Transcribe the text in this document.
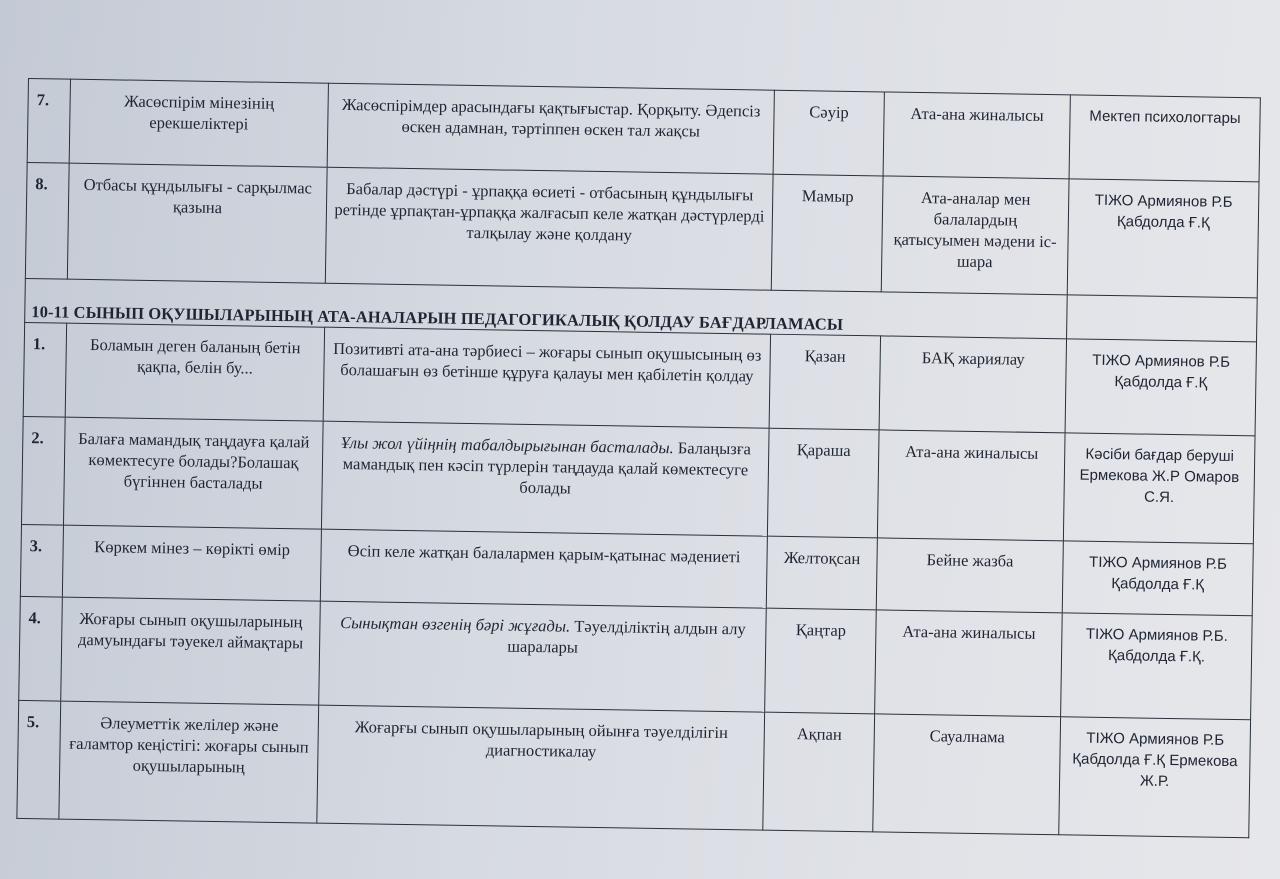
7.	Жасөспірім мінезінің ерекшеліктері	Жасөспірімдер арасындағы қақтығыстар. Қорқыту. Әдепсіз өскен адамнан, тәртіппен өскен тал жақсы	Сәуір	Ата-ана жиналысы	Мектеп психологтары
8.	Отбасы құндылығы - сарқылмас қазына	Бабалар дәстүрі - ұрпаққа өсиеті - отбасының құндылығы ретінде ұрпақтан-ұрпаққа жалғасып келе жатқан дәстүрлерді талқылау және қолдану	Мамыр	Ата-аналар мен балалардың қатысуымен мәдени іс-шара	ТІЖО Армиянов Р.Б Қабдолда Ғ.Қ
10-11 СЫНЫП ОҚУШЫЛАРЫНЫҢ АТА-АНАЛАРЫН ПЕДАГОГИКАЛЫҚ ҚОЛДАУ БАҒДАРЛАМАСЫ					
1.	Боламын деген баланың бетін қақпа, белін бу...	Позитивті ата-ана тәрбиесі – жоғары сынып оқушысының өз болашағын өз бетінше құруға қалауы мен қабілетін қолдау	Қазан	БАҚ жариялау	ТІЖО Армиянов Р.Б Қабдолда Ғ.Қ
2.	Балаға мамандық таңдауға қалай көмектесуге болады?Болашақ бүгіннен басталады	Ұлы жол үйіңнің табалдырығынан басталады. Балаңызға мамандық пен кәсіп түрлерін таңдауда қалай көмектесуге болады	Қараша	Ата-ана жиналысы	Кәсіби бағдар беруші Ермекова Ж.Р Омаров С.Я.
3.	Көркем мінез – көрікті өмір	Өсіп келе жатқан балалармен қарым-қатынас мәдениеті	Желтоқсан	Бейне жазба	ТІЖО Армиянов Р.Б Қабдолда Ғ.Қ
4.	Жоғары сынып оқушыларының дамуындағы тәуекел аймақтары	Сынықтан өзгенің бәрі жұғады. Тәуелділіктің алдын алу шаралары	Қаңтар	Ата-ана жиналысы	ТІЖО Армиянов Р.Б. Қабдолда Ғ.Қ.
5.	Әлеуметтік желілер және ғаламтор кеңістігі: жоғары сынып оқушыларының	Жоғарғы сынып оқушыларының ойынға тәуелділігін диагностикалау	Ақпан	Сауалнама	ТІЖО Армиянов Р.Б Қабдолда Ғ.Қ Ермекова Ж.Р.
